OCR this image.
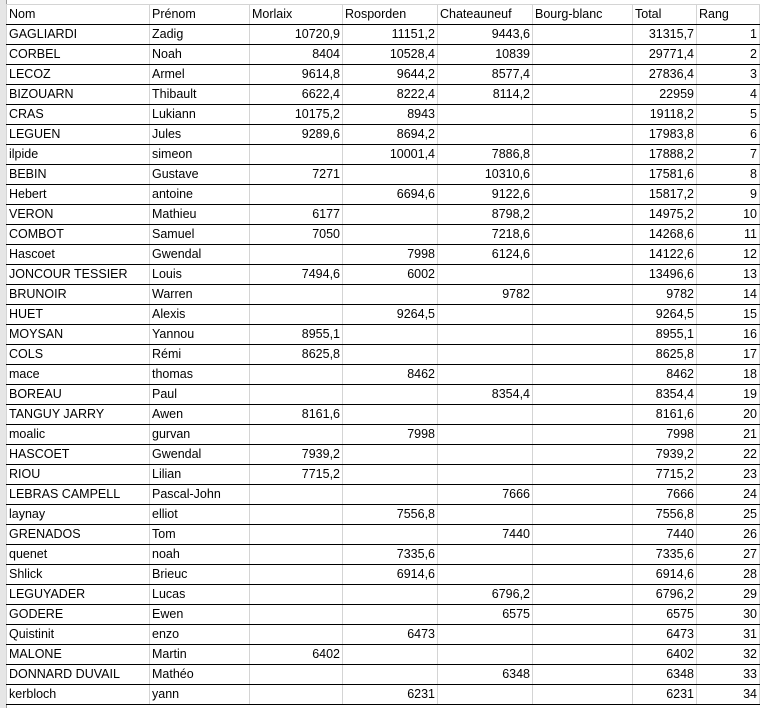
Nom	Prénom	Morlaix	Rosporden	Chateauneuf	Bourg-blanc	Total	Rang
GAGLIARDI	Zadig	10720,9	11151,2	9443,6		31315,7	1
CORBEL	Noah	8404	10528,4	10839		29771,4	2
LECOZ	Armel	9614,8	9644,2	8577,4		27836,4	3
BIZOUARN	Thibault	6622,4	8222,4	8114,2		22959	4
CRAS	Lukiann	10175,2	8943			19118,2	5
LEGUEN	Jules	9289,6	8694,2			17983,8	6
ilpide	simeon		10001,4	7886,8		17888,2	7
BEBIN	Gustave	7271		10310,6		17581,6	8
Hebert	antoine		6694,6	9122,6		15817,2	9
VERON	Mathieu	6177		8798,2		14975,2	10
COMBOT	Samuel	7050		7218,6		14268,6	11
Hascoet	Gwendal		7998	6124,6		14122,6	12
JONCOUR TESSIER	Louis	7494,6	6002			13496,6	13
BRUNOIR	Warren			9782		9782	14
HUET	Alexis		9264,5			9264,5	15
MOYSAN	Yannou	8955,1				8955,1	16
COLS	Rémi	8625,8				8625,8	17
mace	thomas		8462			8462	18
BOREAU	Paul			8354,4		8354,4	19
TANGUY JARRY	Awen	8161,6				8161,6	20
moalic	gurvan		7998			7998	21
HASCOET	Gwendal	7939,2				7939,2	22
RIOU	Lilian	7715,2				7715,2	23
LEBRAS CAMPELL	Pascal-John			7666		7666	24
laynay	elliot		7556,8			7556,8	25
GRENADOS	Tom			7440		7440	26
quenet	noah		7335,6			7335,6	27
Shlick	Brieuc		6914,6			6914,6	28
LEGUYADER	Lucas			6796,2		6796,2	29
GODERE	Ewen			6575		6575	30
Quistinit	enzo		6473			6473	31
MALONE	Martin	6402				6402	32
DONNARD DUVAIL	Mathéo			6348		6348	33
kerbloch	yann		6231			6231	34
